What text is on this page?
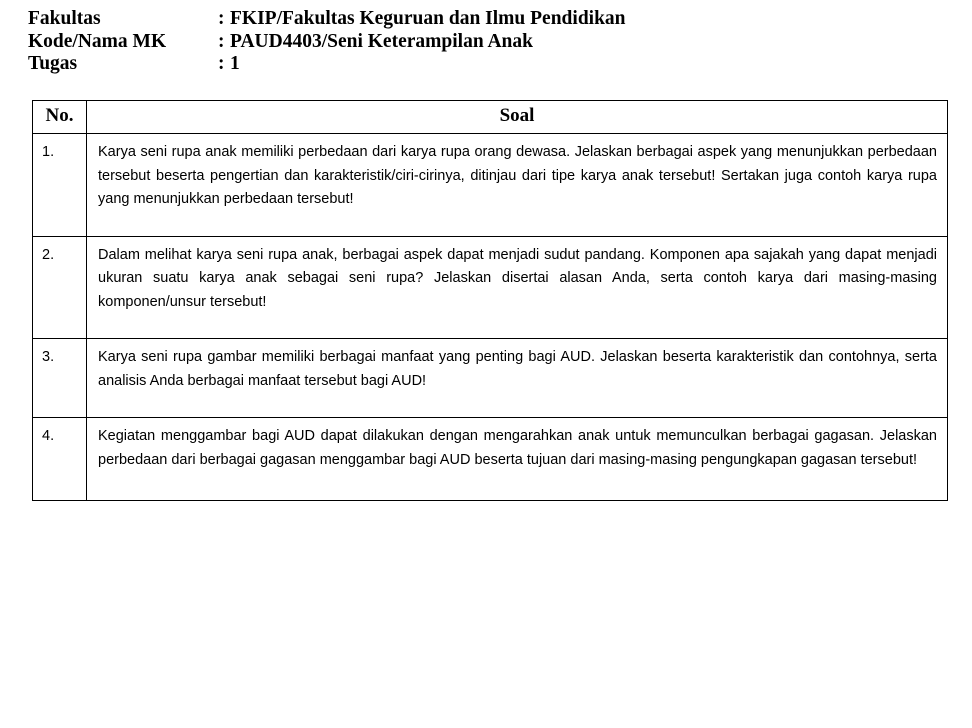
Fakultas	: FKIP/Fakultas Keguruan dan Ilmu Pendidikan
Kode/Nama MK	: PAUD4403/Seni Keterampilan Anak
Tugas	: 1
No.	Soal
1.	Karya seni rupa anak memiliki perbedaan dari karya rupa orang dewasa. Jelaskan berbagai aspek yang menunjukkan perbedaan tersebut beserta pengertian dan karakteristik/ciri-cirinya, ditinjau dari tipe karya anak tersebut! Sertakan juga contoh karya rupa yang menunjukkan perbedaan tersebut!
2.	Dalam melihat karya seni rupa anak, berbagai aspek dapat menjadi sudut pandang. Komponen apa sajakah yang dapat menjadi ukuran suatu karya anak sebagai seni rupa? Jelaskan disertai alasan Anda, serta contoh karya dari masing-masing komponen/unsur tersebut!
3.	Karya seni rupa gambar memiliki berbagai manfaat yang penting bagi AUD. Jelaskan beserta karakteristik dan contohnya, serta analisis Anda berbagai manfaat tersebut bagi AUD!
4.	Kegiatan menggambar bagi AUD dapat dilakukan dengan mengarahkan anak untuk memunculkan berbagai gagasan. Jelaskan perbedaan dari berbagai gagasan menggambar bagi AUD beserta tujuan dari masing-masing pengungkapan gagasan tersebut!
